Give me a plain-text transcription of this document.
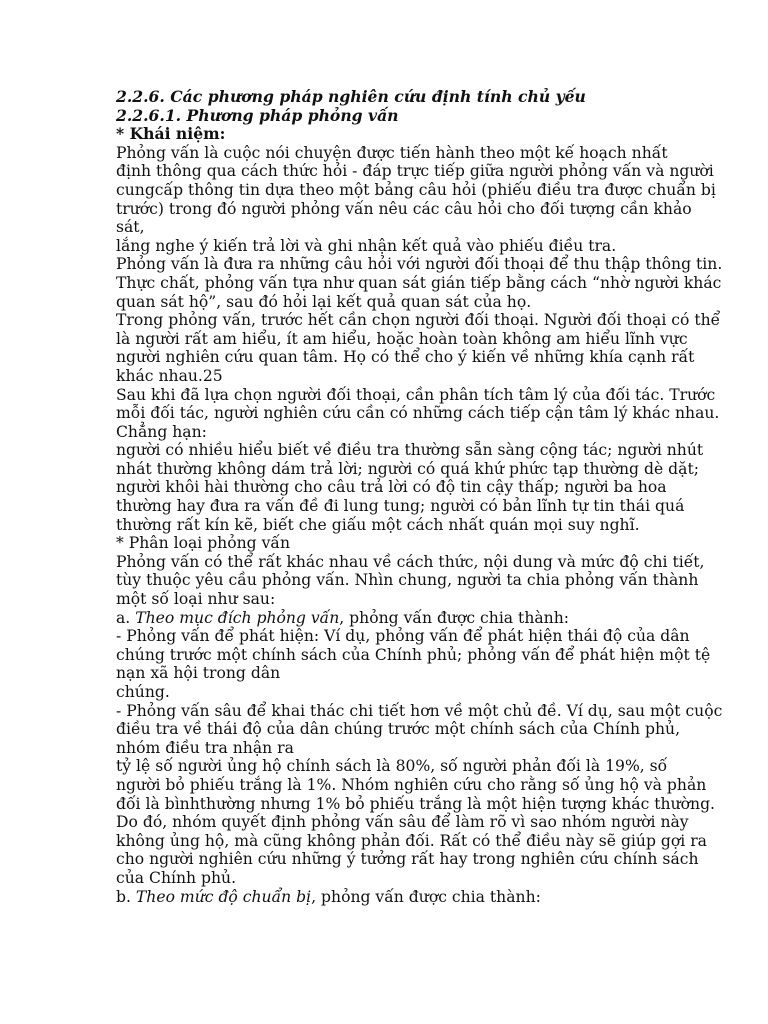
2.2.6. Các phương pháp nghiên cứu định tính chủ yếu
2.2.6.1. Phương pháp phỏng vấn
* Khái niệm:
Phỏng vấn là cuộc nói chuyện được tiến hành theo một kế hoạch nhất
định thông qua cách thức hỏi - đáp trực tiếp giữa người phỏng vấn và người
cungcấp thông tin dựa theo một bảng câu hỏi (phiếu điều tra được chuẩn bị
trước) trong đó người phỏng vấn nêu các câu hỏi cho đối tượng cần khảo
sát,
lắng nghe ý kiến trả lời và ghi nhận kết quả vào phiếu điều tra.
Phỏng vấn là đưa ra những câu hỏi với người đối thoại để thu thập thông tin.
Thực chất, phỏng vấn tựa như quan sát gián tiếp bằng cách “nhờ người khác
quan sát hộ”, sau đó hỏi lại kết quả quan sát của họ.
Trong phỏng vấn, trước hết cần chọn người đối thoại. Người đối thoại có thể
là người rất am hiểu, ít am hiểu, hoặc hoàn toàn không am hiểu lĩnh vực
người nghiên cứu quan tâm. Họ có thể cho ý kiến về những khía cạnh rất
khác nhau.25
Sau khi đã lựa chọn người đối thoại, cần phân tích tâm lý của đối tác. Trước
mỗi đối tác, người nghiên cứu cần có những cách tiếp cận tâm lý khác nhau.
Chẳng hạn:
người có nhiều hiểu biết về điều tra thường sẵn sàng cộng tác; người nhút
nhát thường không dám trả lời; người có quá khứ phức tạp thường dè dặt;
người khôi hài thường cho câu trả lời có độ tin cậy thấp; người ba hoa
thường hay đưa ra vấn đề đi lung tung; người có bản lĩnh tự tin thái quá
thường rất kín kẽ, biết che giấu một cách nhất quán mọi suy nghĩ.
* Phân loại phỏng vấn
Phỏng vấn có thể rất khác nhau về cách thức, nội dung và mức độ chi tiết,
tùy thuộc yêu cầu phỏng vấn. Nhìn chung, người ta chia phỏng vấn thành
một số loại như sau:
a. Theo mục đích phỏng vấn, phỏng vấn được chia thành:
- Phỏng vấn để phát hiện: Ví dụ, phỏng vấn để phát hiện thái độ của dân
chúng trước một chính sách của Chính phủ; phỏng vấn để phát hiện một tệ
nạn xã hội trong dân
chúng.
- Phỏng vấn sâu để khai thác chi tiết hơn về một chủ đề. Ví dụ, sau một cuộc
điều tra về thái độ của dân chúng trước một chính sách của Chính phủ,
nhóm điều tra nhận ra
tỷ lệ số người ủng hộ chính sách là 80%, số người phản đối là 19%, số
người bỏ phiếu trắng là 1%. Nhóm nghiên cứu cho rằng số ủng hộ và phản
đối là bìnhthường nhưng 1% bỏ phiếu trắng là một hiện tượng khác thường.
Do đó, nhóm quyết định phỏng vấn sâu để làm rõ vì sao nhóm người này
không ủng hộ, mà cũng không phản đối. Rất có thể điều này sẽ giúp gợi ra
cho người nghiên cứu những ý tưởng rất hay trong nghiên cứu chính sách
của Chính phủ.
b. Theo mức độ chuẩn bị, phỏng vấn được chia thành:
